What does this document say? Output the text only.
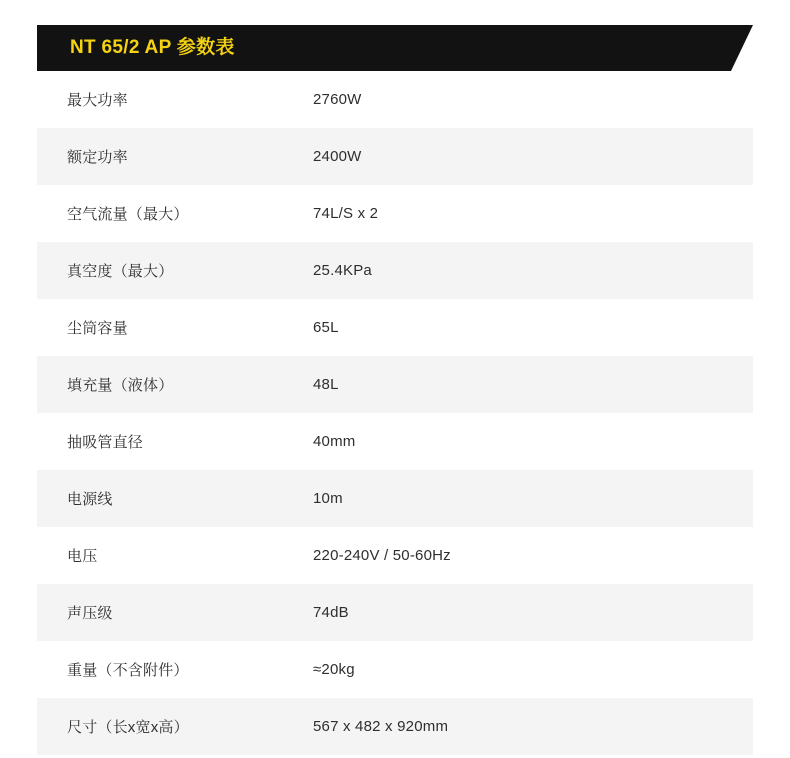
NT 65/2 AP 参数表
最大功率	2760W
额定功率	2400W
空气流量（最大）	74L/S x 2
真空度（最大）	25.4KPa
尘筒容量	65L
填充量（液体）	48L
抽吸管直径	40mm
电源线	10m
电压	220-240V / 50-60Hz
声压级	74dB
重量（不含附件）	≈20kg
尺寸（长x宽x高）	567 x 482 x 920mm
